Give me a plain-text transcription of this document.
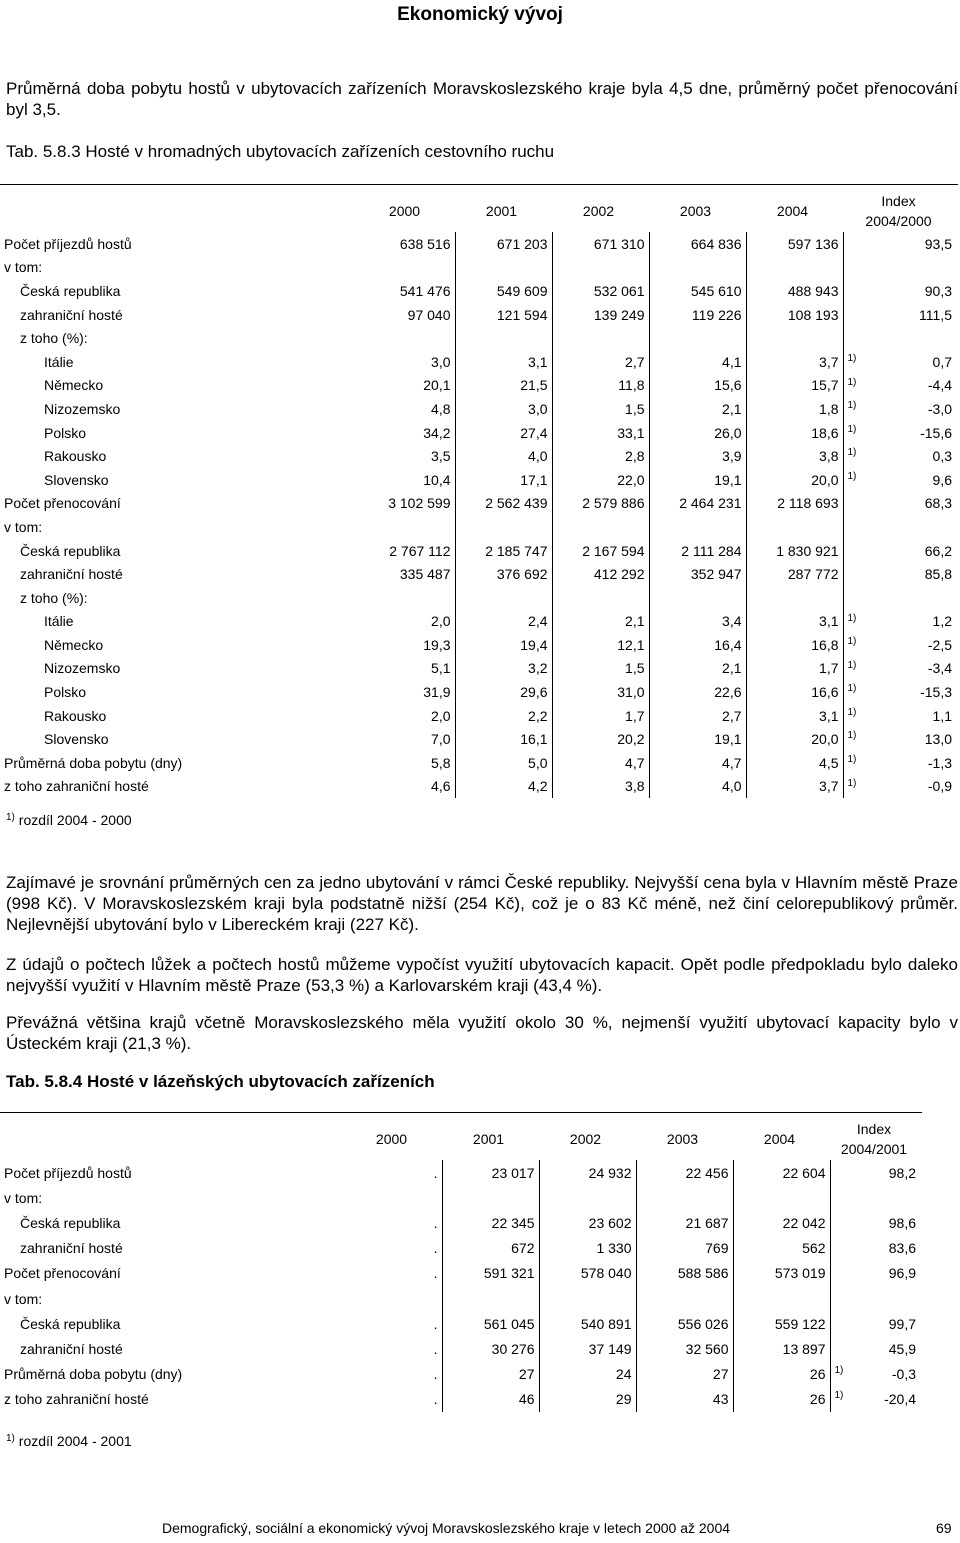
Ekonomický vývoj
Průměrná doba pobytu hostů v ubytovacích zařízeních Moravskoslezského kraje byla 4,5 dne, průměrný počet přenocování byl 3,5.
Tab. 5.8.3 Hosté v hromadných ubytovacích zařízeních cestovního ruchu
	2000	2001	2002	2003	2004	Index
2004/2000	

Počet příjezdů hostů	638 516	671 203	671 310	664 836	597 136		93,5
v tom:							
Česká republika	541 476	549 609	532 061	545 610	488 943		90,3
zahraniční hosté	97 040	121 594	139 249	119 226	108 193		111,5
z toho (%):							
Itálie	3,0	3,1	2,7	4,1	3,7	1)	0,7
Německo	20,1	21,5	11,8	15,6	15,7	1)	-4,4
Nizozemsko	4,8	3,0	1,5	2,1	1,8	1)	-3,0
Polsko	34,2	27,4	33,1	26,0	18,6	1)	-15,6
Rakousko	3,5	4,0	2,8	3,9	3,8	1)	0,3
Slovensko	10,4	17,1	22,0	19,1	20,0	1)	9,6
Počet přenocování	3 102 599	2 562 439	2 579 886	2 464 231	2 118 693		68,3
v tom:							
Česká republika	2 767 112	2 185 747	2 167 594	2 111 284	1 830 921		66,2
zahraniční hosté	335 487	376 692	412 292	352 947	287 772		85,8
z toho (%):							
Itálie	2,0	2,4	2,1	3,4	3,1	1)	1,2
Německo	19,3	19,4	12,1	16,4	16,8	1)	-2,5
Nizozemsko	5,1	3,2	1,5	2,1	1,7	1)	-3,4
Polsko	31,9	29,6	31,0	22,6	16,6	1)	-15,3
Rakousko	2,0	2,2	1,7	2,7	3,1	1)	1,1
Slovensko	7,0	16,1	20,2	19,1	20,0	1)	13,0
Průměrná doba pobytu (dny)	5,8	5,0	4,7	4,7	4,5	1)	-1,3
z toho zahraniční hosté	4,6	4,2	3,8	4,0	3,7	1)	-0,9
$^{1)}$ rozdíl 2004 - 2000
Zajímavé je srovnání průměrných cen za jedno ubytování v rámci České republiky. Nejvyšší cena byla v Hlavním městě Praze (998 Kč). V Moravskoslezském kraji byla podstatně nižší (254 Kč), což je o 83 Kč méně, než činí celorepublikový průměr. Nejlevnější ubytování bylo v Libereckém kraji (227 Kč).
Z údajů o počtech lůžek a počtech hostů můžeme vypočíst využití ubytovacích kapacit. Opět podle předpokladu bylo daleko nejvyšší využití v Hlavním městě Praze (53,3 %) a Karlovarském kraji (43,4 %).
Převážná většina krajů včetně Moravskoslezského měla využití okolo 30 %, nejmenší využití ubytovací kapacity bylo v Ústeckém kraji (21,3 %).
Tab. 5.8.4 Hosté v lázeňských ubytovacích zařízeních
	2000	2001	2002	2003	2004	Index
2004/2001	

Počet příjezdů hostů	.	23 017	24 932	22 456	22 604		98,2
v tom:							
Česká republika	.	22 345	23 602	21 687	22 042		98,6
zahraniční hosté	.	672	1 330	769	562		83,6
Počet přenocování	.	591 321	578 040	588 586	573 019		96,9
v tom:							
Česká republika	.	561 045	540 891	556 026	559 122		99,7
zahraniční hosté	.	30 276	37 149	32 560	13 897		45,9
Průměrná doba pobytu (dny)	.	27	24	27	26	1)	-0,3
z toho zahraniční hosté	.	46	29	43	26	1)	-20,4
$^{1)}$ rozdíl 2004 - 2001
Demografický, sociální a ekonomický vývoj Moravskoslezského kraje v letech 2000 až 2004	69
